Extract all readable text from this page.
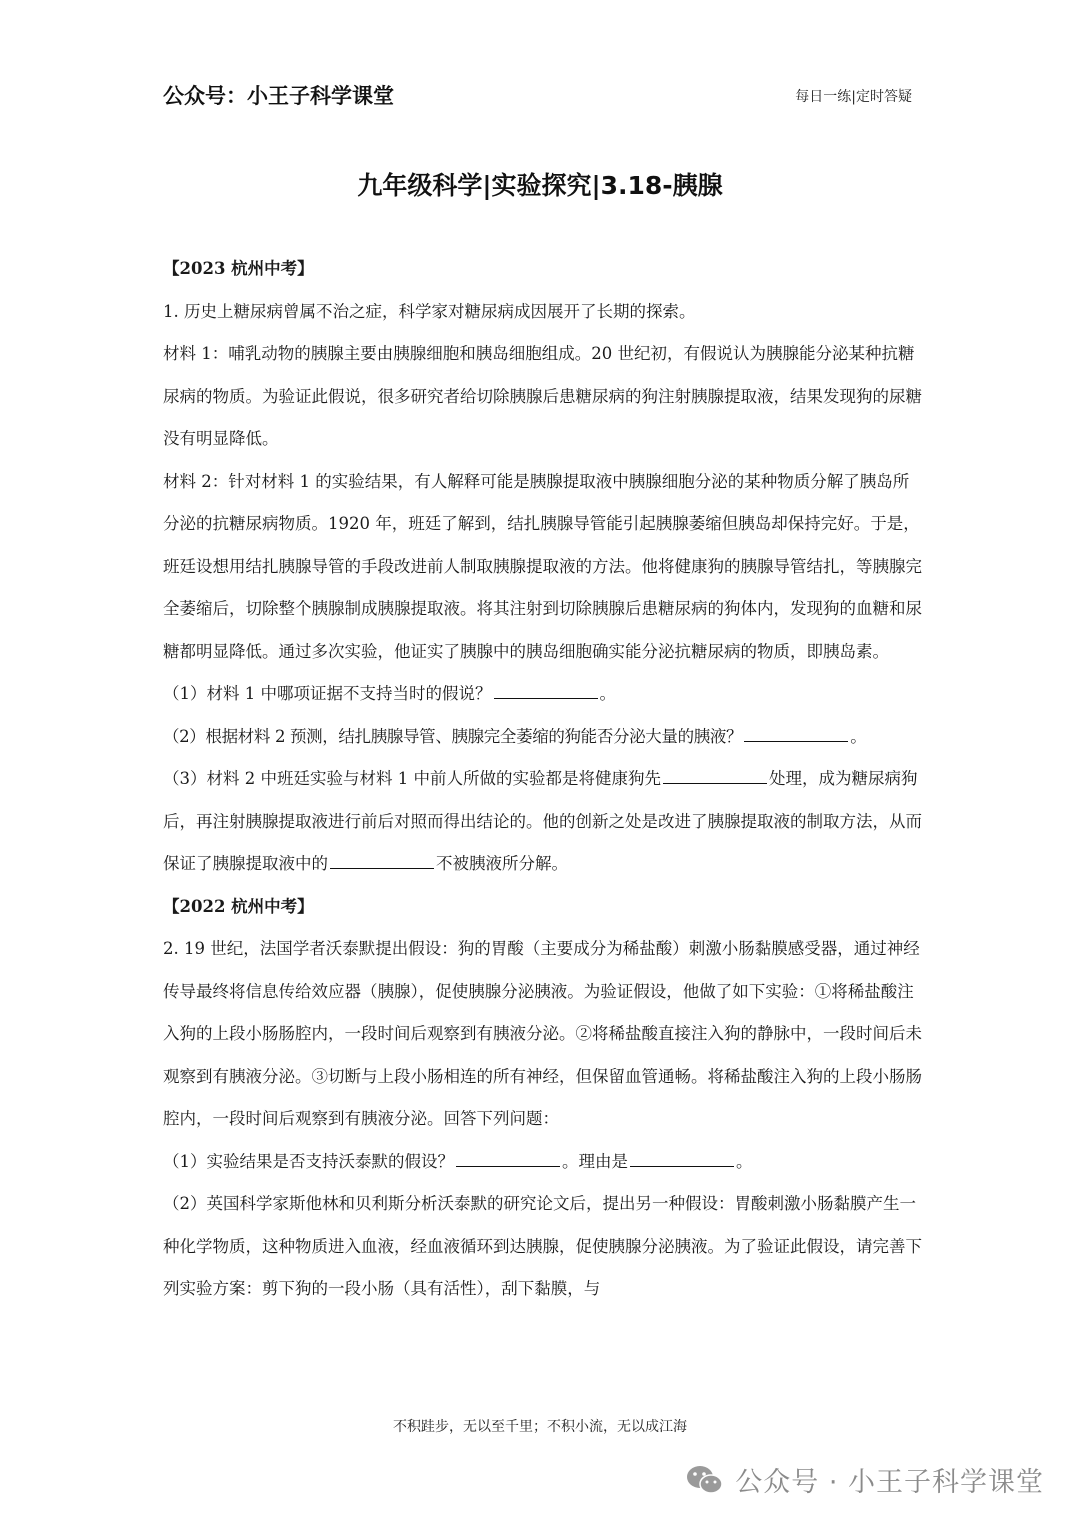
公众号：小王子科学课堂	每日一练|定时答疑
九年级科学|实验探究|3.18-胰腺

【2023 杭州中考】

1. 历史上糖尿病曾属不治之症，科学家对糖尿病成因展开了长期的探索。

材料 1：哺乳动物的胰腺主要由胰腺细胞和胰岛细胞组成。20 世纪初，有假说认为胰腺能分泌某种抗糖尿病的物质。为验证此假说，很多研究者给切除胰腺后患糖尿病的狗注射胰腺提取液，结果发现狗的尿糖没有明显降低。

材料 2：针对材料 1 的实验结果，有人解释可能是胰腺提取液中胰腺细胞分泌的某种物质分解了胰岛所分泌的抗糖尿病物质。1920 年，班廷了解到，结扎胰腺导管能引起胰腺萎缩但胰岛却保持完好。于是，班廷设想用结扎胰腺导管的手段改进前人制取胰腺提取液的方法。他将健康狗的胰腺导管结扎，等胰腺完全萎缩后，切除整个胰腺制成胰腺提取液。将其注射到切除胰腺后患糖尿病的狗体内，发现狗的血糖和尿糖都明显降低。通过多次实验，他证实了胰腺中的胰岛细胞确实能分泌抗糖尿病的物质，即胰岛素。

（1）材料 1 中哪项证据不支持当时的假说？	。

（2）根据材料 2 预测，结扎胰腺导管、胰腺完全萎缩的狗能否分泌大量的胰液？	。

（3）材料 2 中班廷实验与材料 1 中前人所做的实验都是将健康狗先	处理，成为糖尿病狗后，再注射胰腺提取液进行前后对照而得出结论的。他的创新之处是改进了胰腺提取液的制取方法，从而保证了胰腺提取液中的	不被胰液所分解。

【2022 杭州中考】

2. 19 世纪，法国学者沃泰默提出假设：狗的胃酸（主要成分为稀盐酸）刺激小肠黏膜感受器，通过神经传导最终将信息传给效应器（胰腺），促使胰腺分泌胰液。为验证假设，他做了如下实验：①将稀盐酸注入狗的上段小肠肠腔内，一段时间后观察到有胰液分泌。②将稀盐酸直接注入狗的静脉中，一段时间后未观察到有胰液分泌。③切断与上段小肠相连的所有神经，但保留血管通畅。将稀盐酸注入狗的上段小肠肠腔内，一段时间后观察到有胰液分泌。回答下列问题：

（1）实验结果是否支持沃泰默的假设？	。理由是	。

（2）英国科学家斯他林和贝利斯分析沃泰默的研究论文后，提出另一种假设：胃酸刺激小肠黏膜产生一种化学物质，这种物质进入血液，经血液循环到达胰腺，促使胰腺分泌胰液。为了验证此假设，请完善下列实验方案：剪下狗的一段小肠（具有活性），刮下黏膜，与

不积跬步，无以至千里；不积小流，无以成江海
公众号 · 小王子科学课堂
